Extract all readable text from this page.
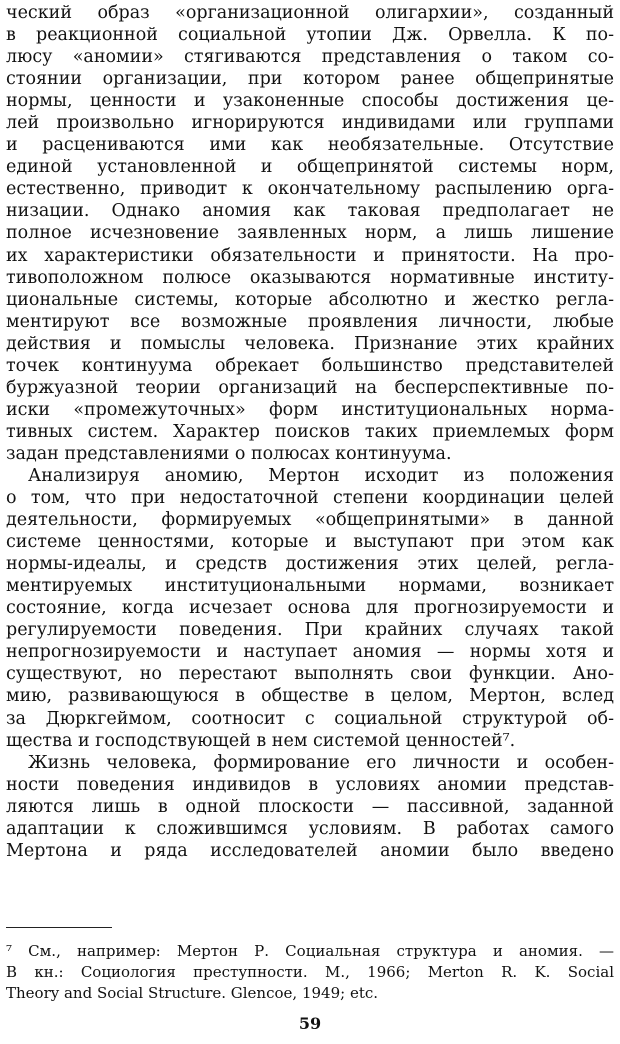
ческий образ «организационной олигархии», созданный
в реакционной социальной утопии Дж. Орвелла. К по-
люсу «аномии» стягиваются представления о таком со-
стоянии организации, при котором ранее общепринятые
нормы, ценности и узаконенные способы достижения це-
лей произвольно игнорируются индивидами или группами
и расцениваются ими как необязательные. Отсутствие
единой установленной и общепринятой системы норм,
естественно, приводит к окончательному распылению орга-
низации. Однако аномия как таковая предполагает не
полное исчезновение заявленных норм, а лишь лишение
их характеристики обязательности и принятости. На про-
тивоположном полюсе оказываются нормативные институ-
циональные системы, которые абсолютно и жестко регла-
ментируют все возможные проявления личности, любые
действия и помыслы человека. Признание этих крайних
точек континуума обрекает большинство представителей
буржуазной теории организаций на бесперспективные по-
иски «промежуточных» форм институциональных норма-
тивных систем. Характер поисков таких приемлемых форм
задан представлениями о полюсах континуума.
Анализируя аномию, Мертон исходит из положения
о том, что при недостаточной степени координации целей
деятельности, формируемых «общепринятыми» в данной
системе ценностями, которые и выступают при этом как
нормы-идеалы, и средств достижения этих целей, регла-
ментируемых институциональными нормами, возникает
состояние, когда исчезает основа для прогнозируемости и
регулируемости поведения. При крайних случаях такой
непрогнозируемости и наступает аномия — нормы хотя и
существуют, но перестают выполнять свои функции. Ано-
мию, развивающуюся в обществе в целом, Мертон, вслед
за Дюркгеймом, соотносит с социальной структурой об-
щества и господствующей в нем системой ценностей⁷.
Жизнь человека, формирование его личности и особен-
ности поведения индивидов в условиях аномии представ-
ляются лишь в одной плоскости — пассивной, заданной
адаптации к сложившимся условиям. В работах самого
Мертона и ряда исследователей аномии было введено
⁷ См., например: Мертон Р. Социальная структура и аномия. —
В кн.: Социология преступности. М., 1966; Merton R. K. Social
Theory and Social Structure. Glencoe, 1949; etc.
59
